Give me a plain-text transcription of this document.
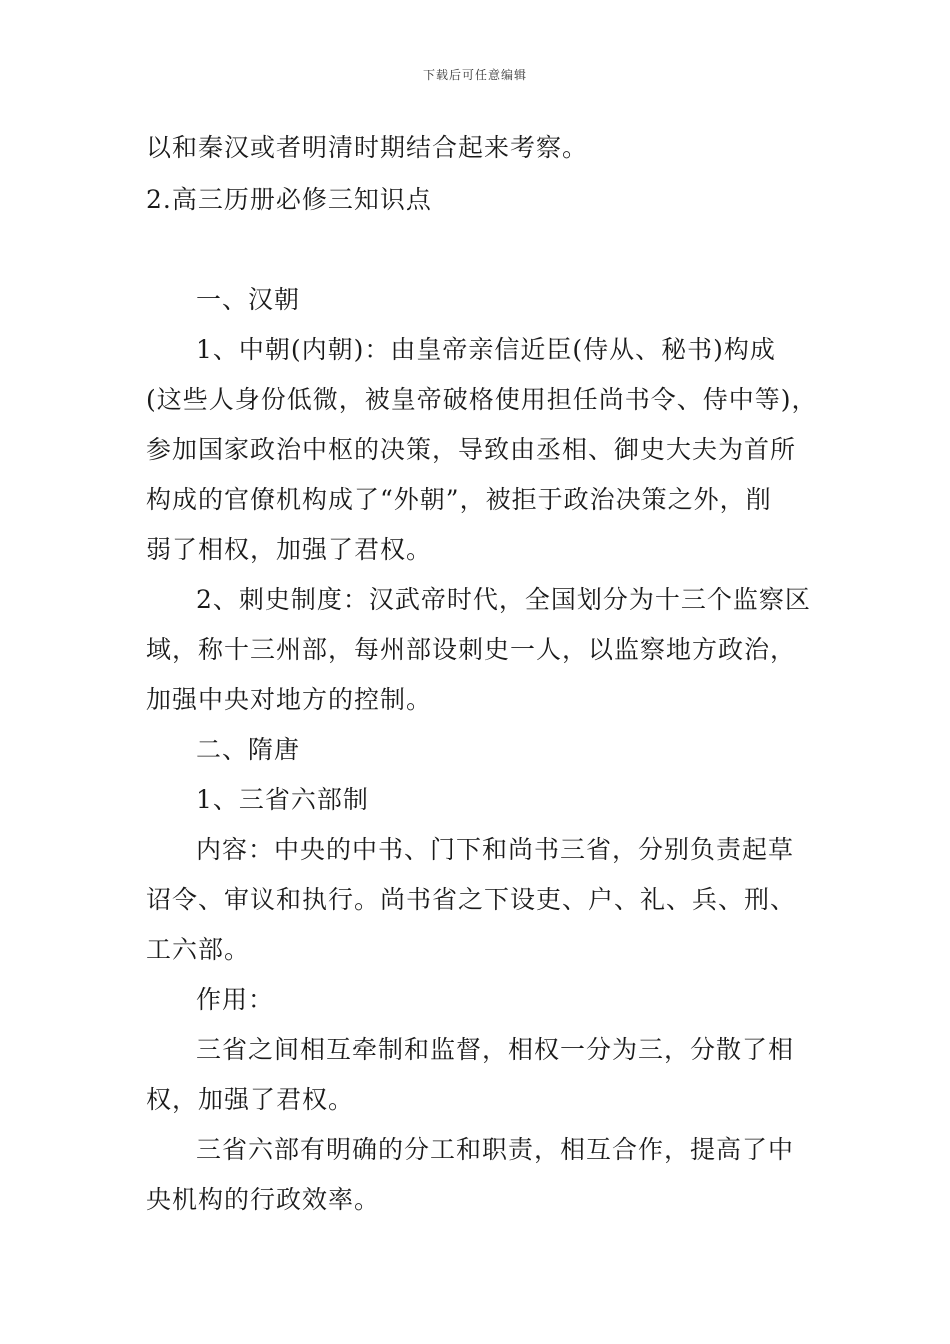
下载后可任意编辑
以和秦汉或者明清时期结合起来考察。
2.高三历册必修三知识点
一、汉朝
1、中朝(内朝)：由皇帝亲信近臣(侍从、秘书)构成
(这些人身份低微，被皇帝破格使用担任尚书令、侍中等)，
参加国家政治中枢的决策，导致由丞相、御史大夫为首所
构成的官僚机构成了“外朝”，被拒于政治决策之外，削
弱了相权，加强了君权。
2、刺史制度：汉武帝时代，全国划分为十三个监察区
域，称十三州部，每州部设刺史一人，以监察地方政治，
加强中央对地方的控制。
二、隋唐
1、三省六部制
内容：中央的中书、门下和尚书三省，分别负责起草
诏令、审议和执行。尚书省之下设吏、户、礼、兵、刑、
工六部。
作用：
三省之间相互牵制和监督，相权一分为三，分散了相
权，加强了君权。
三省六部有明确的分工和职责，相互合作，提高了中
央机构的行政效率。
